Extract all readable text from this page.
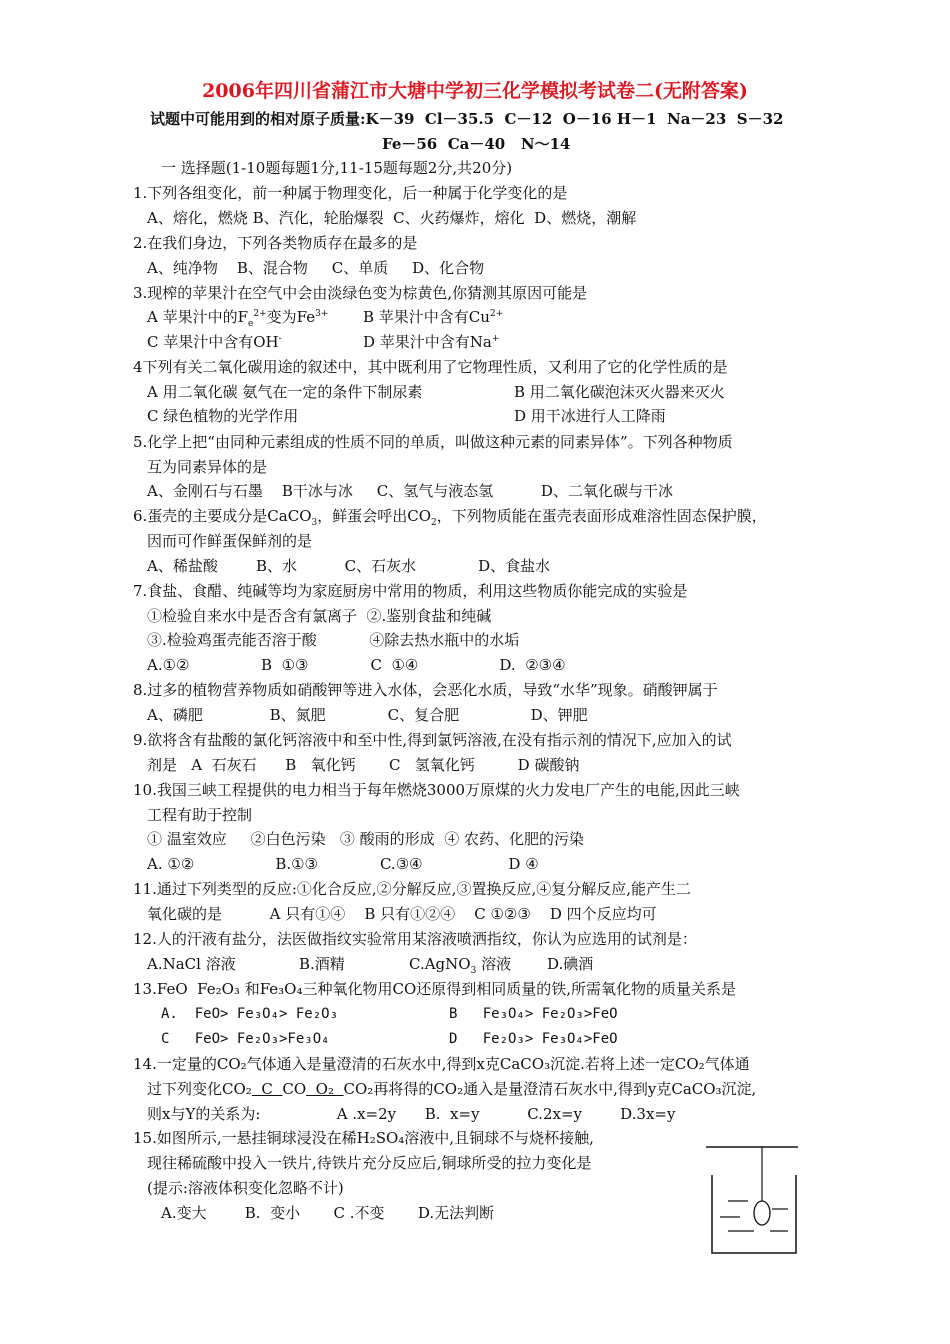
2006年四川省蒲江市大塘中学初三化学模拟考试卷二(无附答案)
试题中可能用到的相对原子质量:K－39  Cl－35.5  C－12  O－16 H－1  Na－23  S－32
Fe－56  Ca－40   N～14
一 选择题(1-10题每题1分,11-15题每题2分,共20分)
1.下列各组变化，前一种属于物理变化，后一种属于化学变化的是
A、熔化，燃烧 B、汽化，轮胎爆裂  C、火药爆炸，熔化  D、燃烧，潮解
2.在我们身边，下列各类物质存在最多的是
A、纯净物    B、混合物     C、单质     D、化合物
3.现榨的苹果汁在空气中会由淡绿色变为棕黄色,你猜测其原因可能是
A 苹果汁中的$F_e^{2+}$变为$Fe^{3+}$ B 苹果汁中含有$Cu^{2+}$
C 苹果汁中含有OH-	D 苹果汁中含有Na+
4下列有关二氧化碳用途的叙述中，其中既利用了它物理性质，又利用了它的化学性质的是
A 用二氧化碳 氨气在一定的条件下制尿素	B 用二氧化碳泡沫灭火器来灭火
C 绿色植物的光学作用	D 用干冰进行人工降雨
5.化学上把“由同种元素组成的性质不同的单质，叫做这种元素的同素异体”。下列各种物质
互为同素异体的是
A、金刚石与石墨    B干冰与冰     C、氢气与液态氢          D、二氧化碳与干冰
6.蛋壳的主要成分是CaCO$_3$，鲜蛋会呼出$CO_2$，下列物质能在蛋壳表面形成难溶性固态保护膜，
因而可作鲜蛋保鲜剂的是
A、稀盐酸        B、水          C、石灰水             D、食盐水
7.食盐、食醋、纯碱等均为家庭厨房中常用的物质，利用这些物质你能完成的实验是
①检验自来水中是否含有氯离子  ②.鉴别食盐和纯碱
③.检验鸡蛋壳能否溶于酸           ④除去热水瓶中的水垢
A.①②               B  ①③             C  ①④                 D.  ②③④
8.过多的植物营养物质如硝酸钾等进入水体，会恶化水质，导致“水华”现象。硝酸钾属于
A、磷肥              B、氮肥             C、复合肥               D、钾肥
9.欲将含有盐酸的氯化钙溶液中和至中性,得到氯钙溶液,在没有指示剂的情况下,应加入的试
剂是   A  石灰石      B   氧化钙       C   氢氧化钙         D 碳酸钠
10.我国三峡工程提供的电力相当于每年燃烧3000万原煤的火力发电厂产生的电能,因此三峡
工程有助于控制
① 温室效应     ②白色污染   ③ 酸雨的形成  ④ 农药、化肥的污染
A. ①②                 B.①③             C.③④                  D ④
11.通过下列类型的反应:①化合反应,②分解反应,③置换反应,④复分解反应,能产生二
氧化碳的是          A 只有①④    B 只有①②④    C ①②③    D 四个反应均可
12.人的汗液有盐分，法医做指纹实验常用某溶液喷洒指纹，你认为应选用的试剂是：
A.NaCl 溶液	B.酒精	C.AgNO$_3$ 溶液 D.碘酒
13.FeO  Fe₂O₃ 和Fe₃O₄三种氧化物用CO还原得到相同质量的铁,所需氧化物的质量关系是
A.  FeO> Fe₃O₄> Fe₂O₃	B   Fe₃O₄> Fe₂O₃>FeO
C   FeO> Fe₂O₃>Fe₃O₄	D   Fe₂O₃> Fe₃O₄>FeO
14.一定量的CO₂气体通入是量澄清的石灰水中,得到x克CaCO₃沉淀.若将上述一定CO₂气体通
过下列变化CO₂  C  CO  O₂  CO₂再将得的CO₂通入是量澄清石灰水中,得到y克CaCO₃沉淀,
则x与Y的关系为:                A .x=2y      B.  x=y          C.2x=y        D.3x=y
15.如图所示,一悬挂铜球浸没在稀H₂SO₄溶液中,且铜球不与烧杯接触,
现往稀硫酸中投入一铁片,待铁片充分反应后,铜球所受的拉力变化是
(提示:溶液体积变化忽略不计)
A.变大        B.  变小       C .不变       D.无法判断
